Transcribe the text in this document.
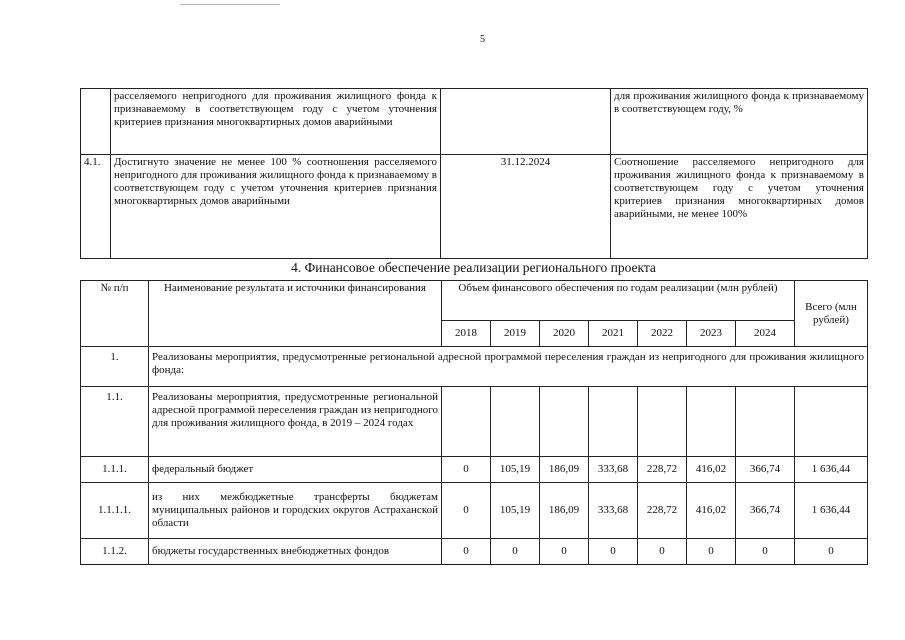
5
	расселяемого непригодного для проживания жилищного фонда к признаваемому в соответствующем году с учетом уточнения критериев признания многоквартирных домов аварийными		для проживания жилищного фонда к признаваемому в соответствующем году, %
4.1.	Достигнуто значение не менее 100 % соотношения расселяемого непригодного для проживания жилищного фонда к признаваемому в соответствующем году с учетом уточнения критериев признания многоквартирных домов аварийными	31.12.2024	Соотношение расселяемого непригодного для проживания жилищного фонда к признаваемому в соответствующем году с учетом уточнения критериев признания многоквартирных домов аварийными, не менее 100%
4. Финансовое обеспечение реализации регионального проекта
№ п/п	Наименование результата и источники финансирования	Объем финансового обеспечения по годам реализации (млн рублей)							Всего (млн рублей)
		2018	2019	2020	2021	2022	2023	2024	
1.	Реализованы мероприятия, предусмотренные региональной адресной программой переселения граждан из непригодного для проживания жилищного фонда:								
1.1.	Реализованы мероприятия, предусмотренные региональной адресной программой переселения граждан из непригодного для проживания жилищного фонда, в 2019 – 2024 годах								
1.1.1.	федеральный бюджет	0	105,19	186,09	333,68	228,72	416,02	366,74	1 636,44
1.1.1.1.	из них межбюджетные трансферты бюджетам муниципальных районов и городских округов Астраханской области	0	105,19	186,09	333,68	228,72	416,02	366,74	1 636,44
1.1.2.	бюджеты государственных внебюджетных фондов	0	0	0	0	0	0	0	0
